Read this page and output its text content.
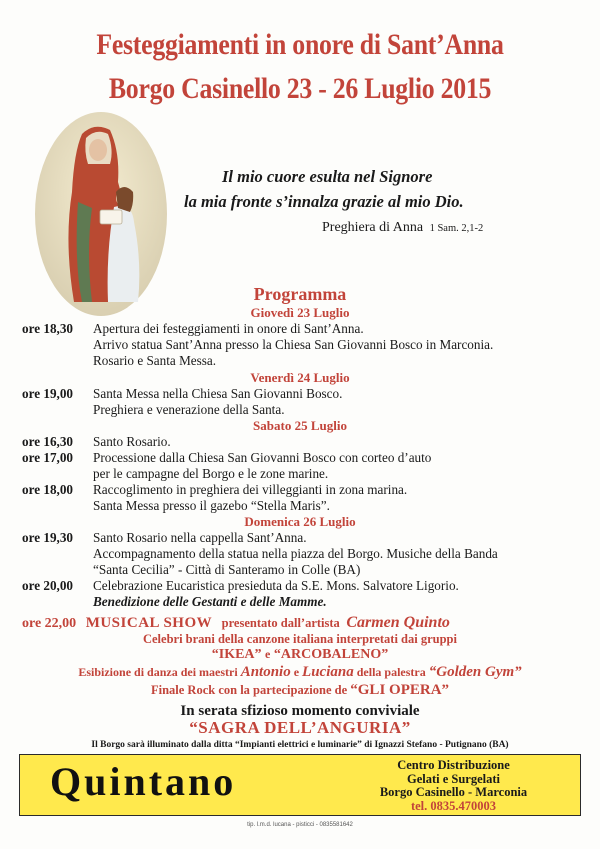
Festeggiamenti in onore di Sant’Anna
Borgo Casinello 23 - 26 Luglio 2015
Il mio cuore esulta nel Signore
la mia fronte s’innalza grazie al mio Dio.
Preghiera di Anna 1 Sam. 2,1-2
Programma
Giovedì 23 Luglio
ore 18,30 Apertura dei festeggiamenti in onore di Sant’Anna.
Arrivo statua Sant’Anna presso la Chiesa San Giovanni Bosco in Marconia.
Rosario e Santa Messa.
Venerdì 24 Luglio
ore 19,00 Santa Messa nella Chiesa San Giovanni Bosco.
Preghiera e venerazione della Santa.
Sabato 25 Luglio
ore 16,30 Santo Rosario.
ore 17,00 Processione dalla Chiesa San Giovanni Bosco con corteo d’auto
per le campagne del Borgo e le zone marine.
ore 18,00 Raccoglimento in preghiera dei villeggianti in zona marina.
Santa Messa presso il gazebo “Stella Maris”.
Domenica 26 Luglio
ore 19,30 Santo Rosario nella cappella Sant’Anna.
Accompagnamento della statua nella piazza del Borgo. Musiche della Banda
“Santa Cecilia” - Città di Santeramo in Colle (BA)
ore 20,00 Celebrazione Eucaristica presieduta da S.E. Mons. Salvatore Ligorio.
Benedizione delle Gestanti e delle Mamme.
ore 22,00 MUSICAL SHOW presentato dall’artista Carmen Quinto
Celebri brani della canzone italiana interpretati dai gruppi
“IKEA” e “ARCOBALENO”
Esibizione di danza dei maestri Antonio e Luciana della palestra “Golden Gym”
Finale Rock con la partecipazione de “GLI OPERA”
In serata sfizioso momento conviviale
“SAGRA DELL’ANGURIA”
Il Borgo sarà illuminato dalla ditta “Impianti elettrici e luminarie” di Ignazzi Stefano - Putignano (BA)
Quintano	Centro Distribuzione
Gelati e Surgelati
Borgo Casinello - Marconia
tel. 0835.470003
tip. l.m.d. lucana - pisticci - 0835581642
